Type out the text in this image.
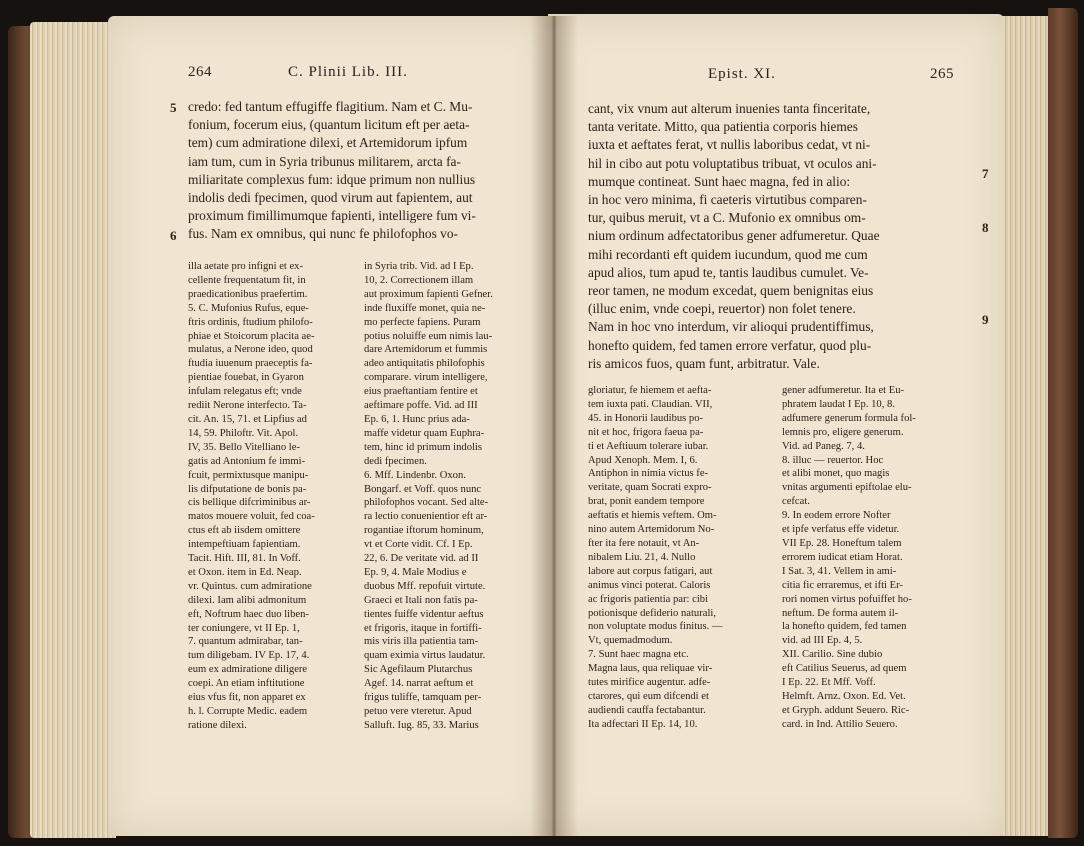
264	C. Plinii Lib. III.
5
6
credo: fed tantum effugiffe flagitium. Nam et C. Mu-
fonium, focerum eius, (quantum licitum eft per aeta-
tem) cum admiratione dilexi, et Artemidorum ipfum
iam tum, cum in Syria tribunus militarem, arcta fa-
miliaritate complexus fum: idque primum non nullius
indolis dedi fpecimen, quod virum aut fapientem, aut
proximum fimillimumque fapienti, intelligere fum vi-
fus. Nam ex omnibus, qui nunc fe philofophos vo-
illa aetate pro infigni et ex-
cellente frequentatum fit, in
praedicationibus praefertim.
5. C. Mufonius Rufus, eque-
ftris ordinis, ftudium philofo-
phiae et Stoicorum placita ae-
mulatus, a Nerone ideo, quod
ftudia iuuenum praeceptis fa-
pientiae fouebat, in Gyaron
infulam relegatus eft; vnde
rediit Nerone interfecto. Ta-
cit. An. 15, 71. et Lipfius ad
14, 59. Philoftr. Vit. Apol.
IV, 35. Bello Vitelliano le-
gatis ad Antonium fe immi-
fcuit, permixtusque manipu-
lis difputatione de bonis pa-
cis bellique difcriminibus ar-
matos mouere voluit, fed coa-
ctus eft ab iisdem omittere
intempeftiuam fapientiam.
Tacit. Hift. III, 81. In Voff.
et Oxon. item in Ed. Neap.
vr. Quintus. cum admiratione
dilexi. Iam alibi admonitum
eft, Noftrum haec duo liben-
ter coniungere, vt II Ep. 1,
7. quantum admirabar, tan-
tum diligebam. IV Ep. 17, 4.
eum ex admiratione diligere
coepi. An etiam inftitutione
eius vfus fit, non apparet ex
h. l. Corrupte Medic. eadem
ratione dilexi.
in Syria trib. Vid. ad I Ep.
10, 2. Correctionem illam
aut proximum fapienti Gefner.
inde fluxiffe monet, quia ne-
mo perfecte fapiens. Puram
potius noluiffe eum nimis lau-
dare Artemidorum et fummis
adeo antiquitatis philofophis
comparare. virum intelligere,
eius praeftantiam fentire et
aeftimare poffe. Vid. ad III
Ep. 6, 1. Hunc prius ada-
maffe videtur quam Euphra-
tem, hinc id primum indolis
dedi fpecimen.
6. Mff. Lindenbr. Oxon.
Bongarf. et Voff. quos nunc
philofophos vocant. Sed alte-
ra lectio conuenientior eft ar-
rogantiae iftorum hominum,
vt et Corte vidit. Cf. I Ep.
22, 6. De veritate vid. ad II
Ep. 9, 4. Male Modius e
duobus Mff. repofuit virtute.
Graeci et Itali non fatis pa-
tientes fuiffe videntur aeftus
et frigoris, itaque in fortiffi-
mis viris illa patientia tam-
quam eximia virtus laudatur.
Sic Agefilaum Plutarchus
Agef. 14. narrat aeftum et
frigus tuliffe, tamquam per-
petuo vere vteretur. Apud
Salluft. Iug. 85, 33. Marius
Epist. XI.	265
7
8
9
cant, vix vnum aut alterum inuenies tanta finceritate,
tanta veritate. Mitto, qua patientia corporis hiemes
iuxta et aeftates ferat, vt nullis laboribus cedat, vt ni-
hil in cibo aut potu voluptatibus tribuat, vt oculos ani-
mumque contineat. Sunt haec magna, fed in alio:
in hoc vero minima, fi caeteris virtutibus comparen-
tur, quibus meruit, vt a C. Mufonio ex omnibus om-
nium ordinum adfectatoribus gener adfumeretur. Quae
mihi recordanti eft quidem iucundum, quod me cum
apud alios, tum apud te, tantis laudibus cumulet. Ve-
reor tamen, ne modum excedat, quem benignitas eius
(illuc enim, vnde coepi, reuertor) non folet tenere.
Nam in hoc vno interdum, vir alioqui prudentiffimus,
honefto quidem, fed tamen errore verfatur, quod plu-
ris amicos fuos, quam funt, arbitratur. Vale.
gloriatur, fe hiemem et aefta-
tem iuxta pati. Claudian. VII,
45. in Honorii laudibus po-
nit et hoc, frigora faeua pa-
ti et Aeftiuum tolerare iubar.
Apud Xenoph. Mem. I, 6.
Antiphon in nimia victus fe-
veritate, quam Socrati expro-
brat, ponit eandem tempore
aeftatis et hiemis veftem. Om-
nino autem Artemidorum No-
fter ita fere notauit, vt An-
nibalem Liu. 21, 4. Nullo
labore aut corpus fatigari, aut
animus vinci poterat. Caloris
ac frigoris patientia par: cibi
potionisque defiderio naturali,
non voluptate modus finitus. —
Vt, quemadmodum.
7. Sunt haec magna etc.
Magna laus, qua reliquae vir-
tutes mirifice augentur. adfe-
ctarores, qui eum difcendi et
audiendi cauffa fectabantur.
Ita adfectari II Ep. 14, 10.
gener adfumeretur. Ita et Eu-
phratem laudat I Ep. 10, 8.
adfumere generum formula fol-
lemnis pro, eligere generum.
Vid. ad Paneg. 7, 4.
8. illuc — reuertor. Hoc
et alibi monet, quo magis
vnitas argumenti epiftolae elu-
cefcat.
9. In eodem errore Nofter
et ipfe verfatus effe videtur.
VII Ep. 28. Honeftum talem
errorem iudicat etiam Horat.
I Sat. 3, 41. Vellem in ami-
citia fic erraremus, et ifti Er-
rori nomen virtus pofuiffet ho-
neftum. De forma autem il-
la honefto quidem, fed tamen
vid. ad III Ep. 4, 5.
XII. Carilio. Sine dubio
eft Catilius Seuerus, ad quem
I Ep. 22. Et Mff. Voff.
Helmft. Arnz. Oxon. Ed. Vet.
et Gryph. addunt Seuero. Ric-
card. in Ind. Attilio Seuero.
